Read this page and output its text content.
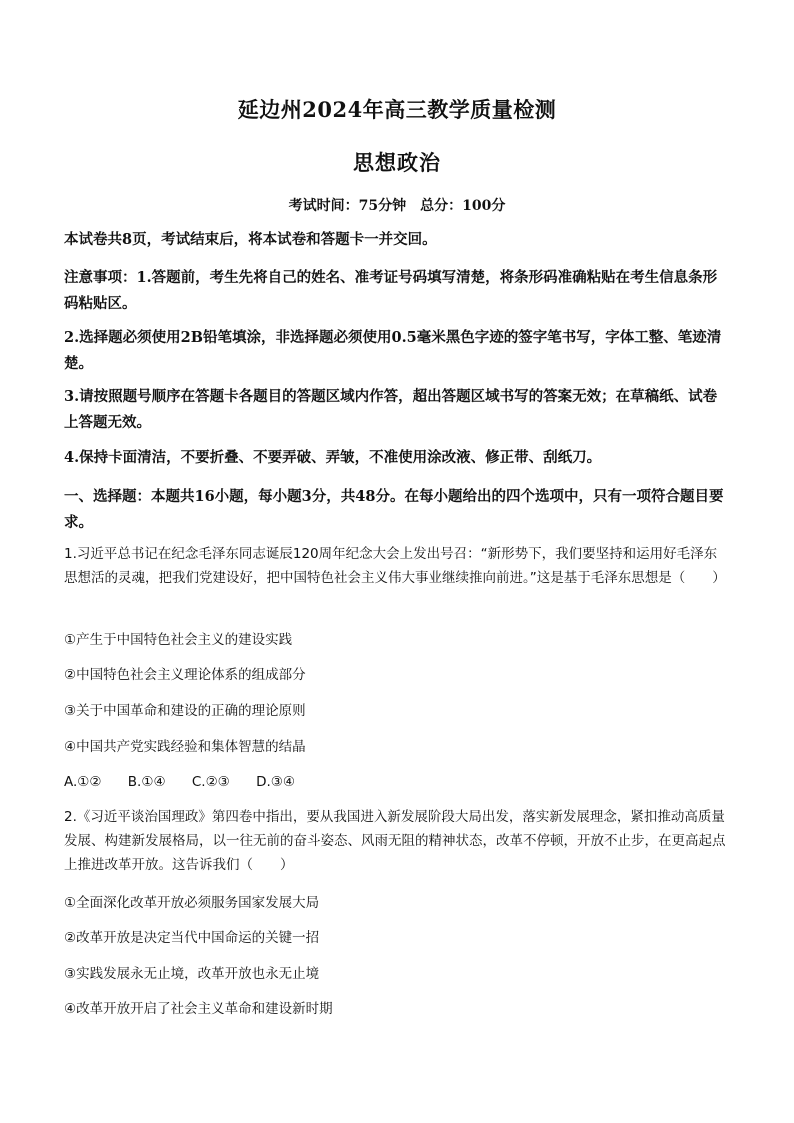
延边州2024年高三教学质量检测
思想政治
考试时间：75分钟 总分：100分

本试卷共8页，考试结束后，将本试卷和答题卡一并交回。

注意事项：1.答题前，考生先将自己的姓名、准考证号码填写清楚，将条形码准确粘贴在考生信息条形码粘贴区。

2.选择题必须使用2B铅笔填涂，非选择题必须使用0.5毫米黑色字迹的签字笔书写，字体工整、笔迹清楚。

3.请按照题号顺序在答题卡各题目的答题区域内作答，超出答题区域书写的答案无效；在草稿纸、试卷上答题无效。

4.保持卡面清洁，不要折叠、不要弄破、弄皱，不准使用涂改液、修正带、刮纸刀。

一、选择题：本题共16小题，每小题3分，共48分。在每小题给出的四个选项中，只有一项符合题目要求。

1.习近平总书记在纪念毛泽东同志诞辰120周年纪念大会上发出号召：“新形势下，我们要坚持和运用好毛泽东思想活的灵魂，把我们党建设好，把中国特色社会主义伟大事业继续推向前进。”这是基于毛泽东思想是（　　）

①产生于中国特色社会主义的建设实践

②中国特色社会主义理论体系的组成部分

③关于中国革命和建设的正确的理论原则

④中国共产党实践经验和集体智慧的结晶

A.①② B.①④ C.②③ D.③④

2.《习近平谈治国理政》第四卷中指出，要从我国进入新发展阶段大局出发，落实新发展理念，紧扣推动高质量发展、构建新发展格局，以一往无前的奋斗姿态、风雨无阻的精神状态，改革不停顿，开放不止步，在更高起点上推进改革开放。这告诉我们（　　）

①全面深化改革开放必须服务国家发展大局

②改革开放是决定当代中国命运的关键一招

③实践发展永无止境，改革开放也永无止境

④改革开放开启了社会主义革命和建设新时期
